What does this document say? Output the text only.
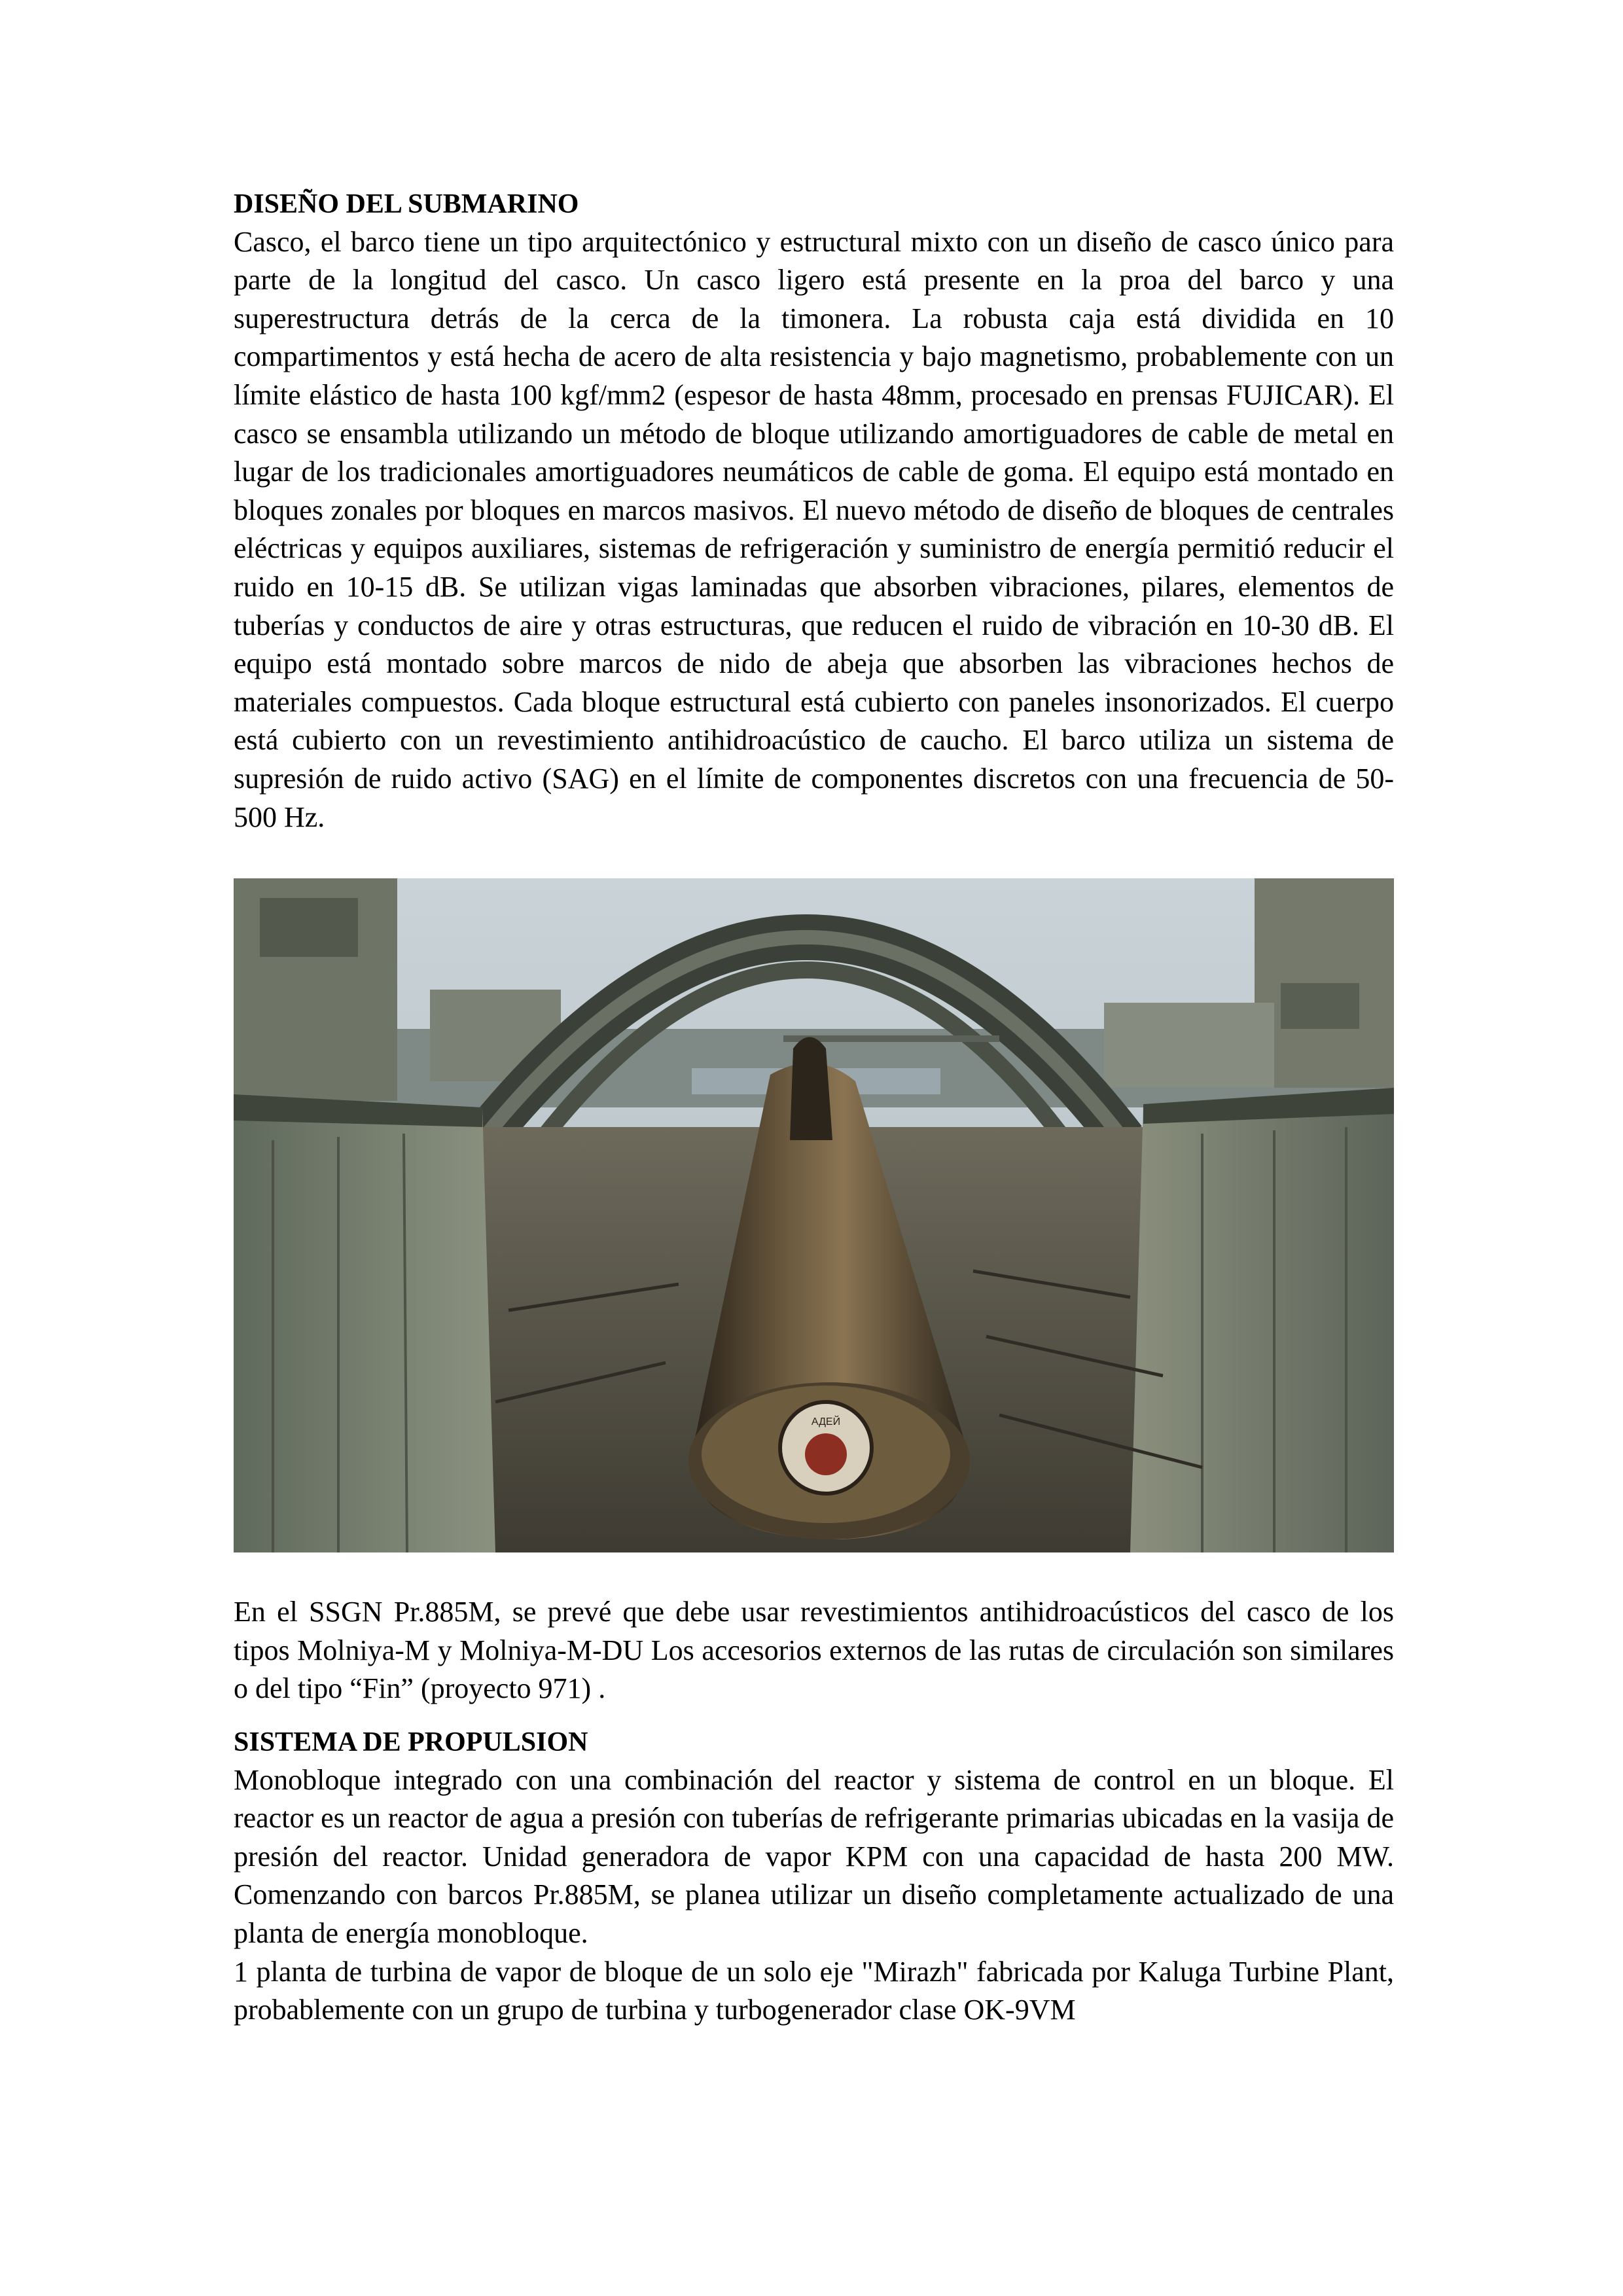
DISEÑO DEL SUBMARINO

Casco, el barco tiene un tipo arquitectónico y estructural mixto con un diseño de casco único para parte de la longitud del casco. Un casco ligero está presente en la proa del barco y una superestructura detrás de la cerca de la timonera. La robusta caja está dividida en 10 compartimentos y está hecha de acero de alta resistencia y bajo magnetismo, probablemente con un límite elástico de hasta 100 kgf/mm2 (espesor de hasta 48mm, procesado en prensas FUJICAR). El casco se ensambla utilizando un método de bloque utilizando amortiguadores de cable de metal en lugar de los tradicionales amortiguadores neumáticos de cable de goma. El equipo está montado en bloques zonales por bloques en marcos masivos. El nuevo método de diseño de bloques de centrales eléctricas y equipos auxiliares, sistemas de refrigeración y suministro de energía permitió reducir el ruido en 10-15 dB. Se utilizan vigas laminadas que absorben vibraciones, pilares, elementos de tuberías y conductos de aire y otras estructuras, que reducen el ruido de vibración en 10-30 dB. El equipo está montado sobre marcos de nido de abeja que absorben las vibraciones hechos de materiales compuestos. Cada bloque estructural está cubierto con paneles insonorizados. El cuerpo está cubierto con un revestimiento antihidroacústico de caucho. El barco utiliza un sistema de supresión de ruido activo (SAG) en el límite de componentes discretos con una frecuencia de 50-500 Hz.

АДЕЙ

En el SSGN Pr.885M, se prevé que debe usar revestimientos antihidroacústicos del casco de los tipos Molniya-M y Molniya-M-DU Los accesorios externos de las rutas de circulación son similares o del tipo “Fin” (proyecto 971) .

SISTEMA DE PROPULSION

Monobloque integrado con una combinación del reactor y sistema de control en un bloque. El reactor es un reactor de agua a presión con tuberías de refrigerante primarias ubicadas en la vasija de presión del reactor. Unidad generadora de vapor KPM con una capacidad de hasta 200 MW. Comenzando con barcos Pr.885M, se planea utilizar un diseño completamente actualizado de una planta de energía monobloque.

1 planta de turbina de vapor de bloque de un solo eje "Mirazh" fabricada por Kaluga Turbine Plant, probablemente con un grupo de turbina y turbogenerador clase OK-9VM
